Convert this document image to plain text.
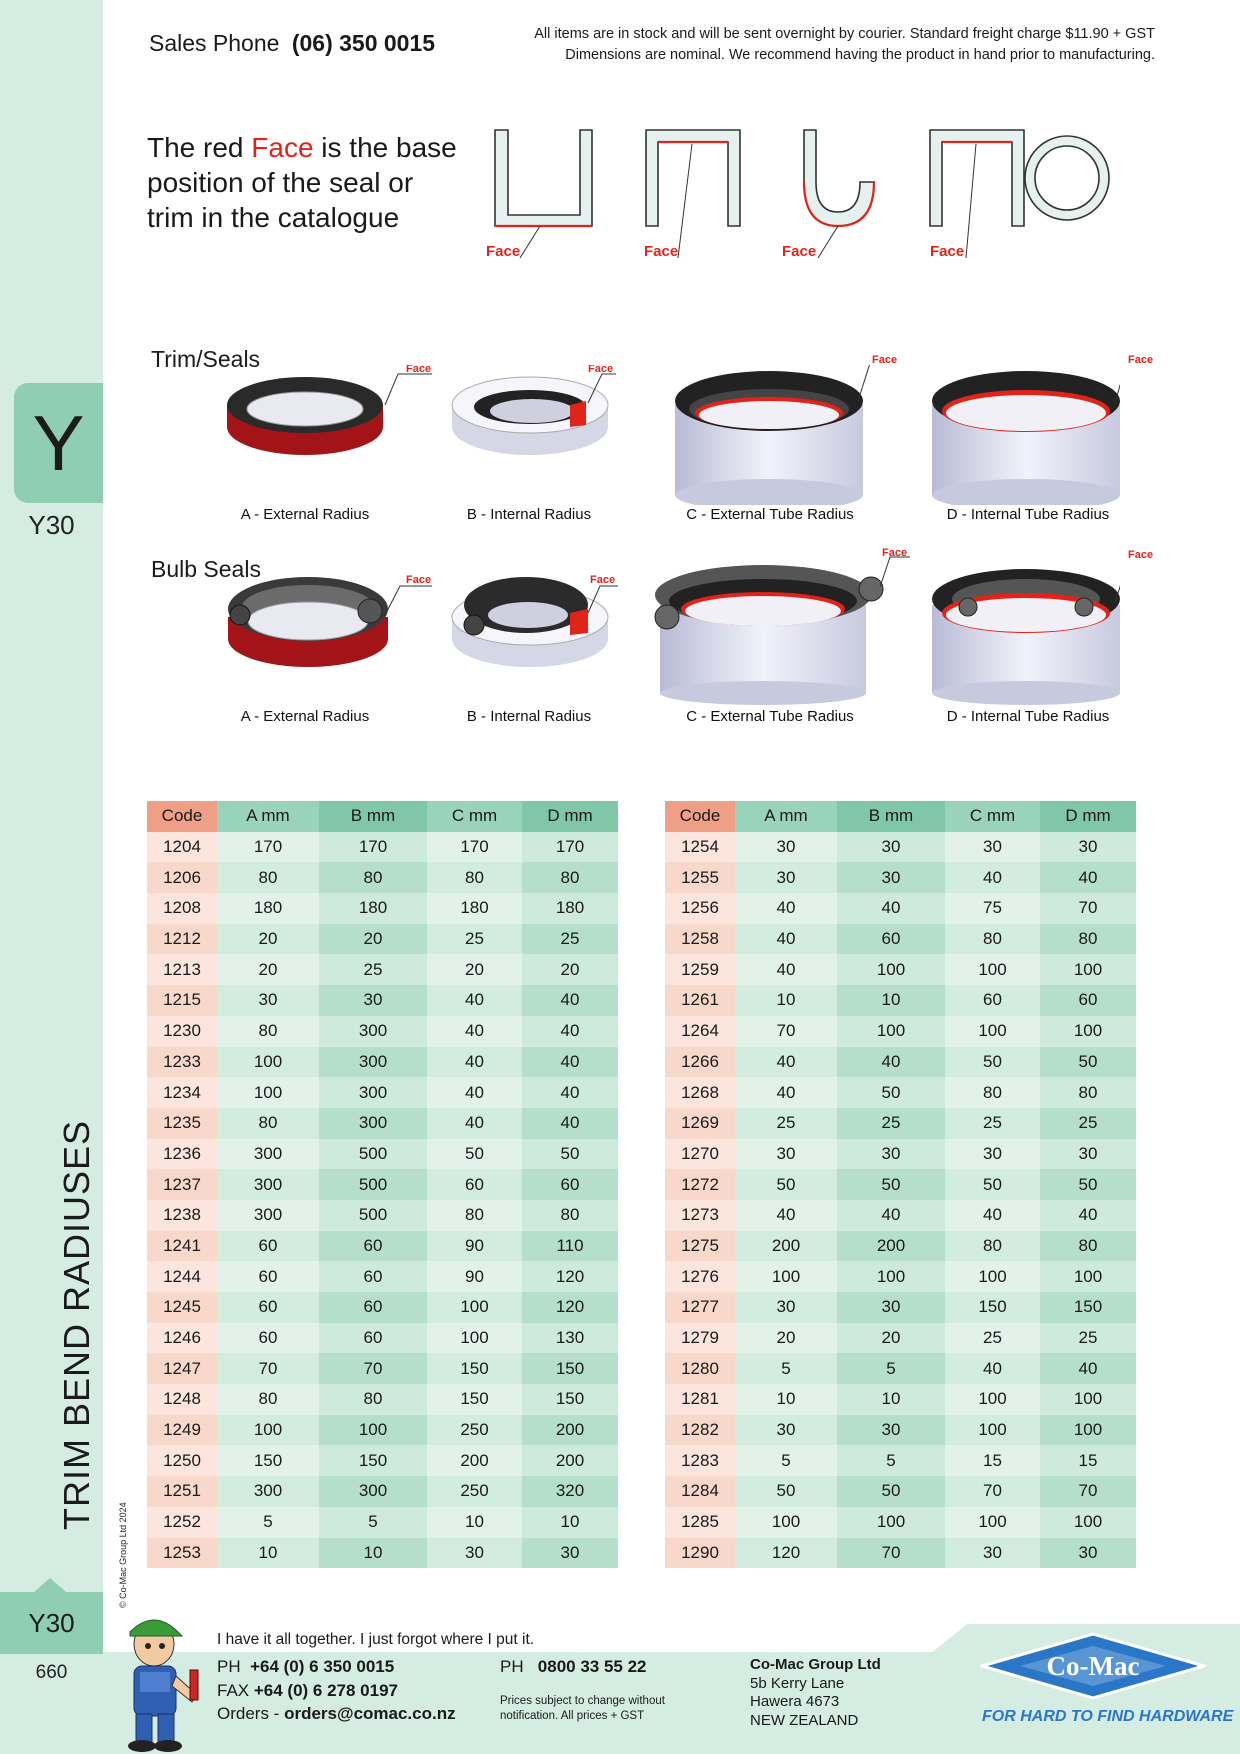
Y
Y30
TRIM BEND RADIUSES
© Co-Mac Group Ltd 2024
Y30
660
Sales Phone (06) 350 0015	All items are in stock and will be sent overnight by courier. Standard freight charge $11.90 + GST
Dimensions are nominal. We recommend having the product in hand prior to manufacturing.
The red Face is the base position of the seal or trim in the catalogue
Face	Face	Face	Face
Trim/Seals	Face	Face
Face	Face
A - External Radius	B - Internal Radius	C - External Tube Radius	D - Internal Tube Radius
Bulb Seals	Face	Face
Face	Face
A - External Radius	B - Internal Radius	C - External Tube Radius	D - Internal Tube Radius
Code	A mm	B mm	C mm	D mm
1204	170	170	170	170
1206	80	80	80	80
1208	180	180	180	180
1212	20	20	25	25
1213	20	25	20	20
1215	30	30	40	40
1230	80	300	40	40
1233	100	300	40	40
1234	100	300	40	40
1235	80	300	40	40
1236	300	500	50	50
1237	300	500	60	60
1238	300	500	80	80
1241	60	60	90	110
1244	60	60	90	120
1245	60	60	100	120
1246	60	60	100	130
1247	70	70	150	150
1248	80	80	150	150
1249	100	100	250	200
1250	150	150	200	200
1251	300	300	250	320
1252	5	5	10	10
1253	10	10	30	30
Code	A mm	B mm	C mm	D mm
1254	30	30	30	30
1255	30	30	40	40
1256	40	40	75	70
1258	40	60	80	80
1259	40	100	100	100
1261	10	10	60	60
1264	70	100	100	100
1266	40	40	50	50
1268	40	50	80	80
1269	25	25	25	25
1270	30	30	30	30
1272	50	50	50	50
1273	40	40	40	40
1275	200	200	80	80
1276	100	100	100	100
1277	30	30	150	150
1279	20	20	25	25
1280	5	5	40	40
1281	10	10	100	100
1282	30	30	100	100
1283	5	5	15	15
1284	50	50	70	70
1285	100	100	100	100
1290	120	70	30	30
I have it all together. I just forgot where I put it.
PH +64 (0) 6 350 0015
FAX +64 (0) 6 278 0197
Orders - orders@comac.co.nz
PH 0800 33 55 22
Prices subject to change without
notification. All prices + GST
Co-Mac Group Ltd
5b Kerry Lane
Hawera 4673
NEW ZEALAND
Co-Mac
FOR HARD TO FIND HARDWARE
